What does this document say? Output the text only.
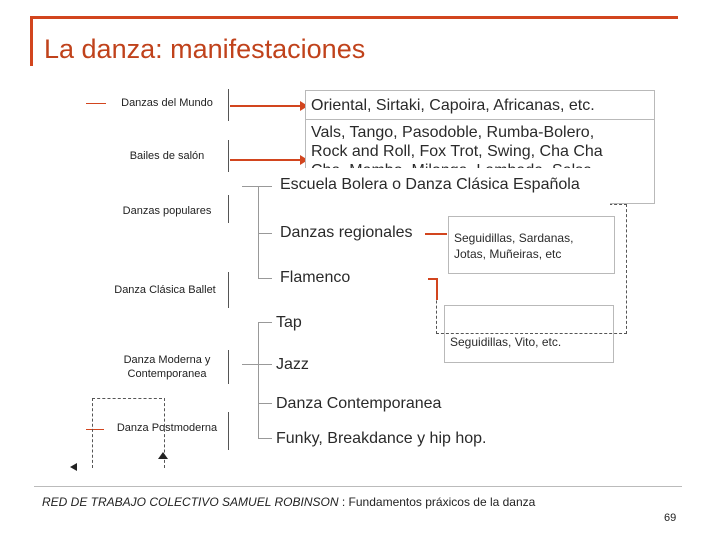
La danza: manifestaciones
Danzas del Mundo
Bailes de salón
Danzas populares
Danza Clásica Ballet
Danza Moderna y
Contemporanea
Danza Postmoderna
Vals, Tango, Pasodoble, Rumba-Bolero,
Rock and Roll, Fox Trot, Swing, Cha Cha
Oriental, Sirtaki, Capoira, Africanas, etc.
Seguidillas, Vito, etc.
Escuela Bolera o Danza Clásica Española
Danzas regionales
Flamenco
Seguidillas, Sardanas,
Jotas, Muñeiras, etc
Tap
Jazz
Danza Contemporanea
Funky, Breakdance y hip hop.
RED DE TRABAJO COLECTIVO SAMUEL ROBINSON : Fundamentos práxicos de la danza
69
